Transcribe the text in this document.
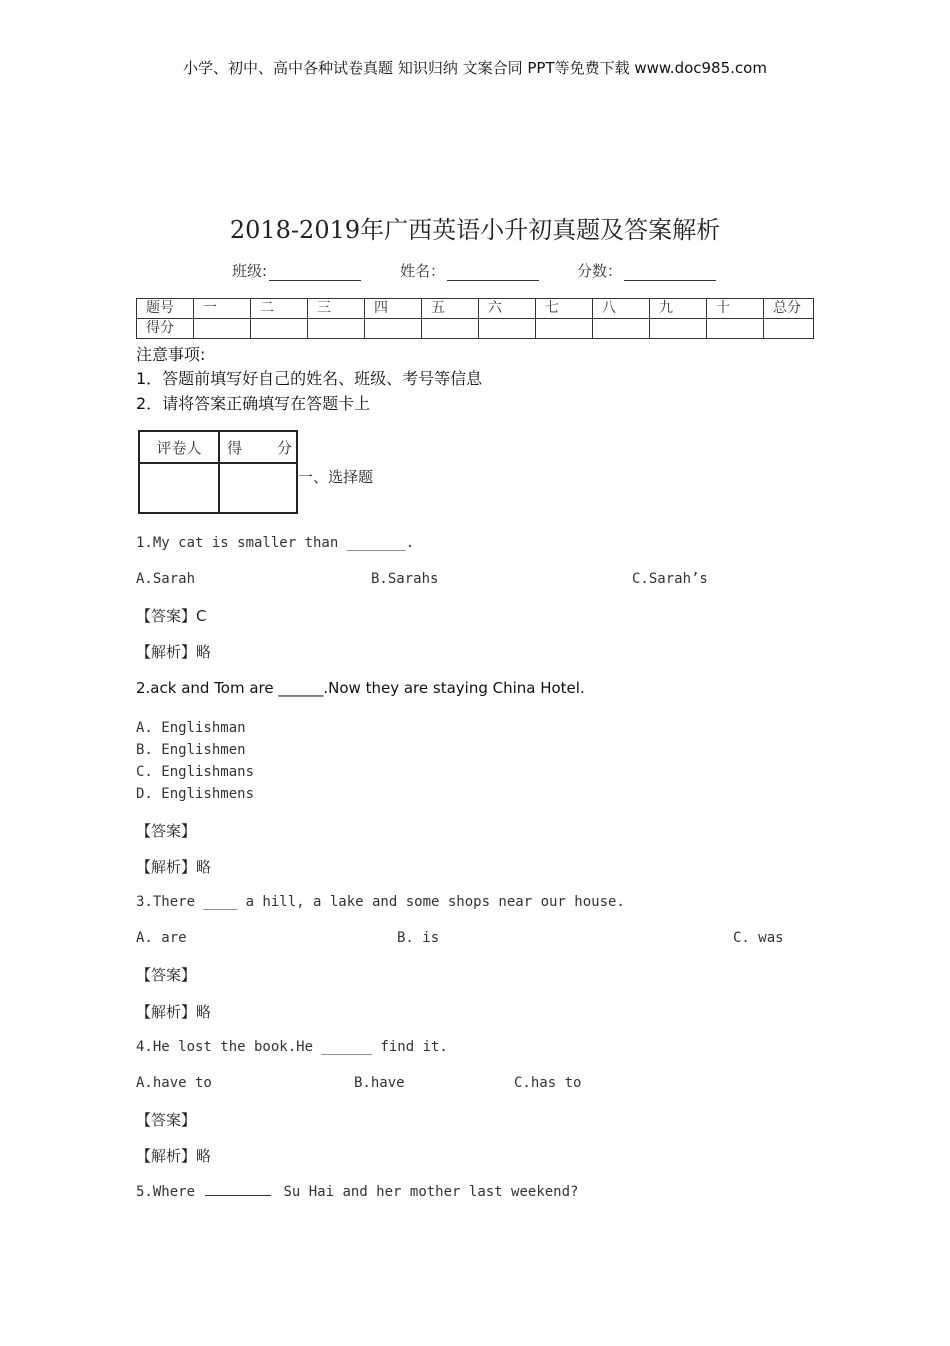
小学、初中、高中各种试卷真题 知识归纳 文案合同 PPT等免费下载 www.doc985.com
2018-2019年广西英语小升初真题及答案解析
班级:	姓名：	分数：
题号	一	二	三	四	五	六	七	八	九	十	总分
得分											
注意事项:
1．答题前填写好自己的姓名、班级、考号等信息
2．请将答案正确填写在答题卡上
评卷人	得 分

一、选择题
1.My cat is smaller than _______.
A.Sarah	B.Sarahs	C.Sarah’s
【答案】C
【解析】略
2.ack and Tom are ______.Now they are staying China Hotel.
A. Englishman
B. Englishmen
C. Englishmans
D. Englishmens
【答案】
【解析】略
3.There ____ a hill, a lake and some shops near our house.
A. are	B. is	C. was
【答案】
【解析】略
4.He lost the book.He ______ find it.
A.have to	B.have	C.has to
【答案】
【解析】略
5.Where	Su Hai and her mother last weekend?
